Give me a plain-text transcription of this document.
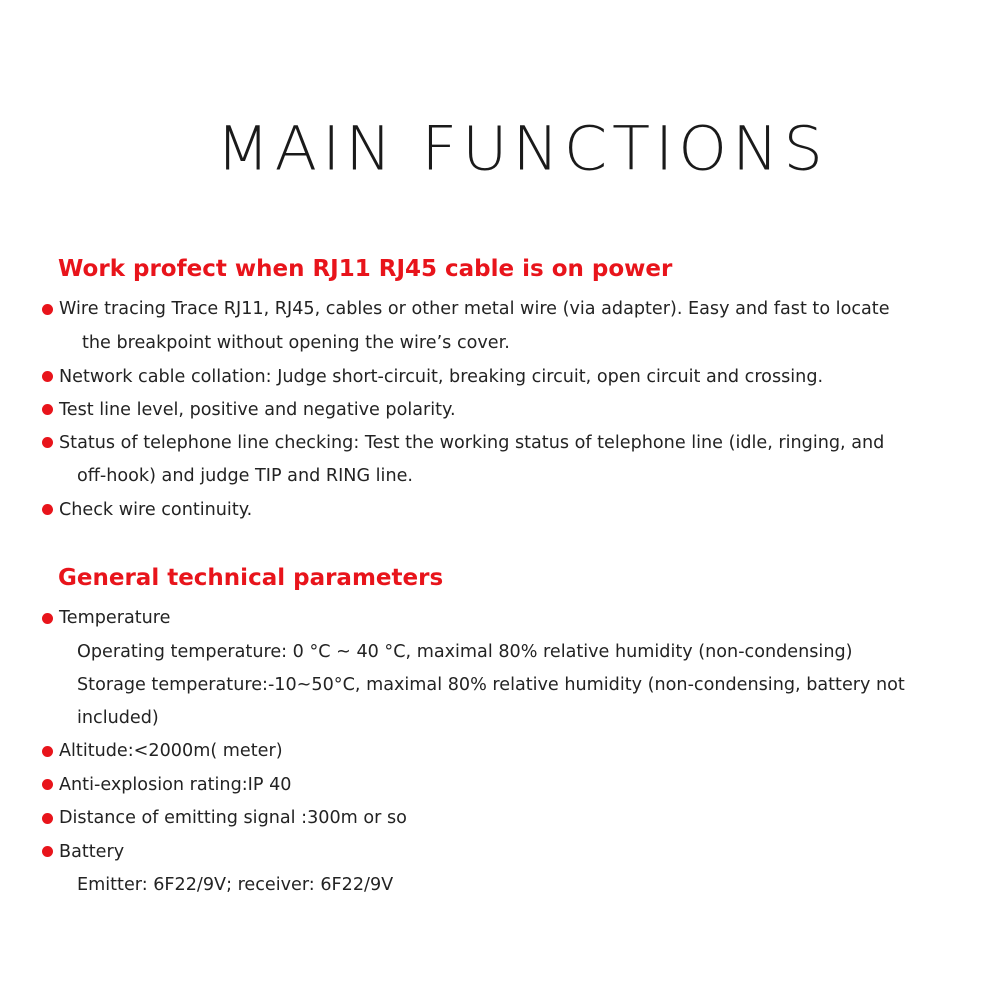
MAIN FUNCTIONS
Work profect when RJ11 RJ45 cable is on power

Wire tracing Trace RJ11, RJ45, cables or other metal wire (via adapter). Easy and fast to locate

the breakpoint without opening the wire’s cover.

Network cable collation: Judge short-circuit, breaking circuit, open circuit and crossing.

Test line level, positive and negative polarity.

Status of telephone line checking: Test the working status of telephone line (idle, ringing, and

off-hook) and judge TIP and RING line.

Check wire continuity.

General technical parameters

Temperature

Operating temperature: 0 °C ~ 40 °C, maximal 80% relative humidity (non-condensing)

Storage temperature:-10~50°C, maximal 80% relative humidity (non-condensing, battery not

included)

Altitude:<2000m( meter)

Anti-explosion rating:IP 40

Distance of emitting signal :300m or so

Battery

Emitter: 6F22/9V; receiver: 6F22/9V
